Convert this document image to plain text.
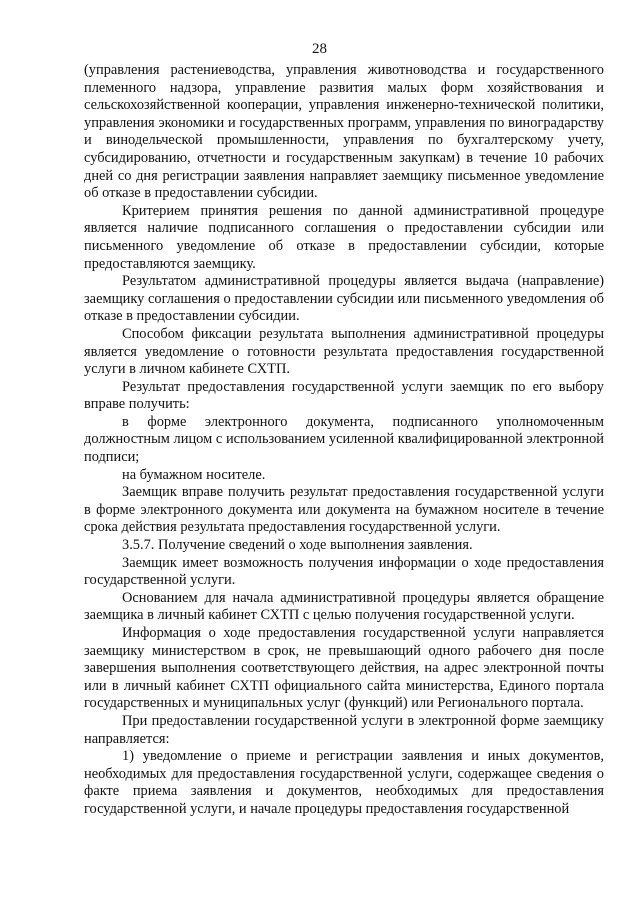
28

(управления растениеводства, управления животноводства и государственного племенного надзора, управление развития малых форм хозяйствования и сельскохозяйственной кооперации, управления инженерно-технической политики, управления экономики и государственных программ, управления по виноградарству и винодельческой промышленности, управления по бухгалтерскому учету, субсидированию, отчетности и государственным закупкам) в течение 10 рабочих дней со дня регистрации заявления направляет заемщику письменное уведомление об отказе в предоставлении субсидии.

Критерием принятия решения по данной административной процедуре является наличие подписанного соглашения о предоставлении субсидии или письменного уведомление об отказе в предоставлении субсидии, которые предоставляются заемщику.

Результатом административной процедуры является выдача (направление) заемщику соглашения о предоставлении субсидии или письменного уведомления об отказе в предоставлении субсидии.

Способом фиксации результата выполнения административной процедуры является уведомление о готовности результата предоставления государственной услуги в личном кабинете СХТП.

Результат предоставления государственной услуги заемщик по его выбору вправе получить:

в форме электронного документа, подписанного уполномоченным должностным лицом с использованием усиленной квалифицированной электронной подписи;

на бумажном носителе.

Заемщик вправе получить результат предоставления государственной услуги в форме электронного документа или документа на бумажном носителе в течение срока действия результата предоставления государственной услуги.

3.5.7. Получение сведений о ходе выполнения заявления.

Заемщик имеет возможность получения информации о ходе предоставления государственной услуги.

Основанием для начала административной процедуры является обращение заемщика в личный кабинет СХТП с целью получения государственной услуги.

Информация о ходе предоставления государственной услуги направляется заемщику министерством в срок, не превышающий одного рабочего дня после завершения выполнения соответствующего действия, на адрес электронной почты или в личный кабинет СХТП официального сайта министерства, Единого портала государственных и муниципальных услуг (функций) или Регионального портала.

При предоставлении государственной услуги в электронной форме заемщику направляется:

1) уведомление о приеме и регистрации заявления и иных документов, необходимых для предоставления государственной услуги, содержащее сведения о факте приема заявления и документов, необходимых для предоставления государственной услуги, и начале процедуры предоставления государственной
